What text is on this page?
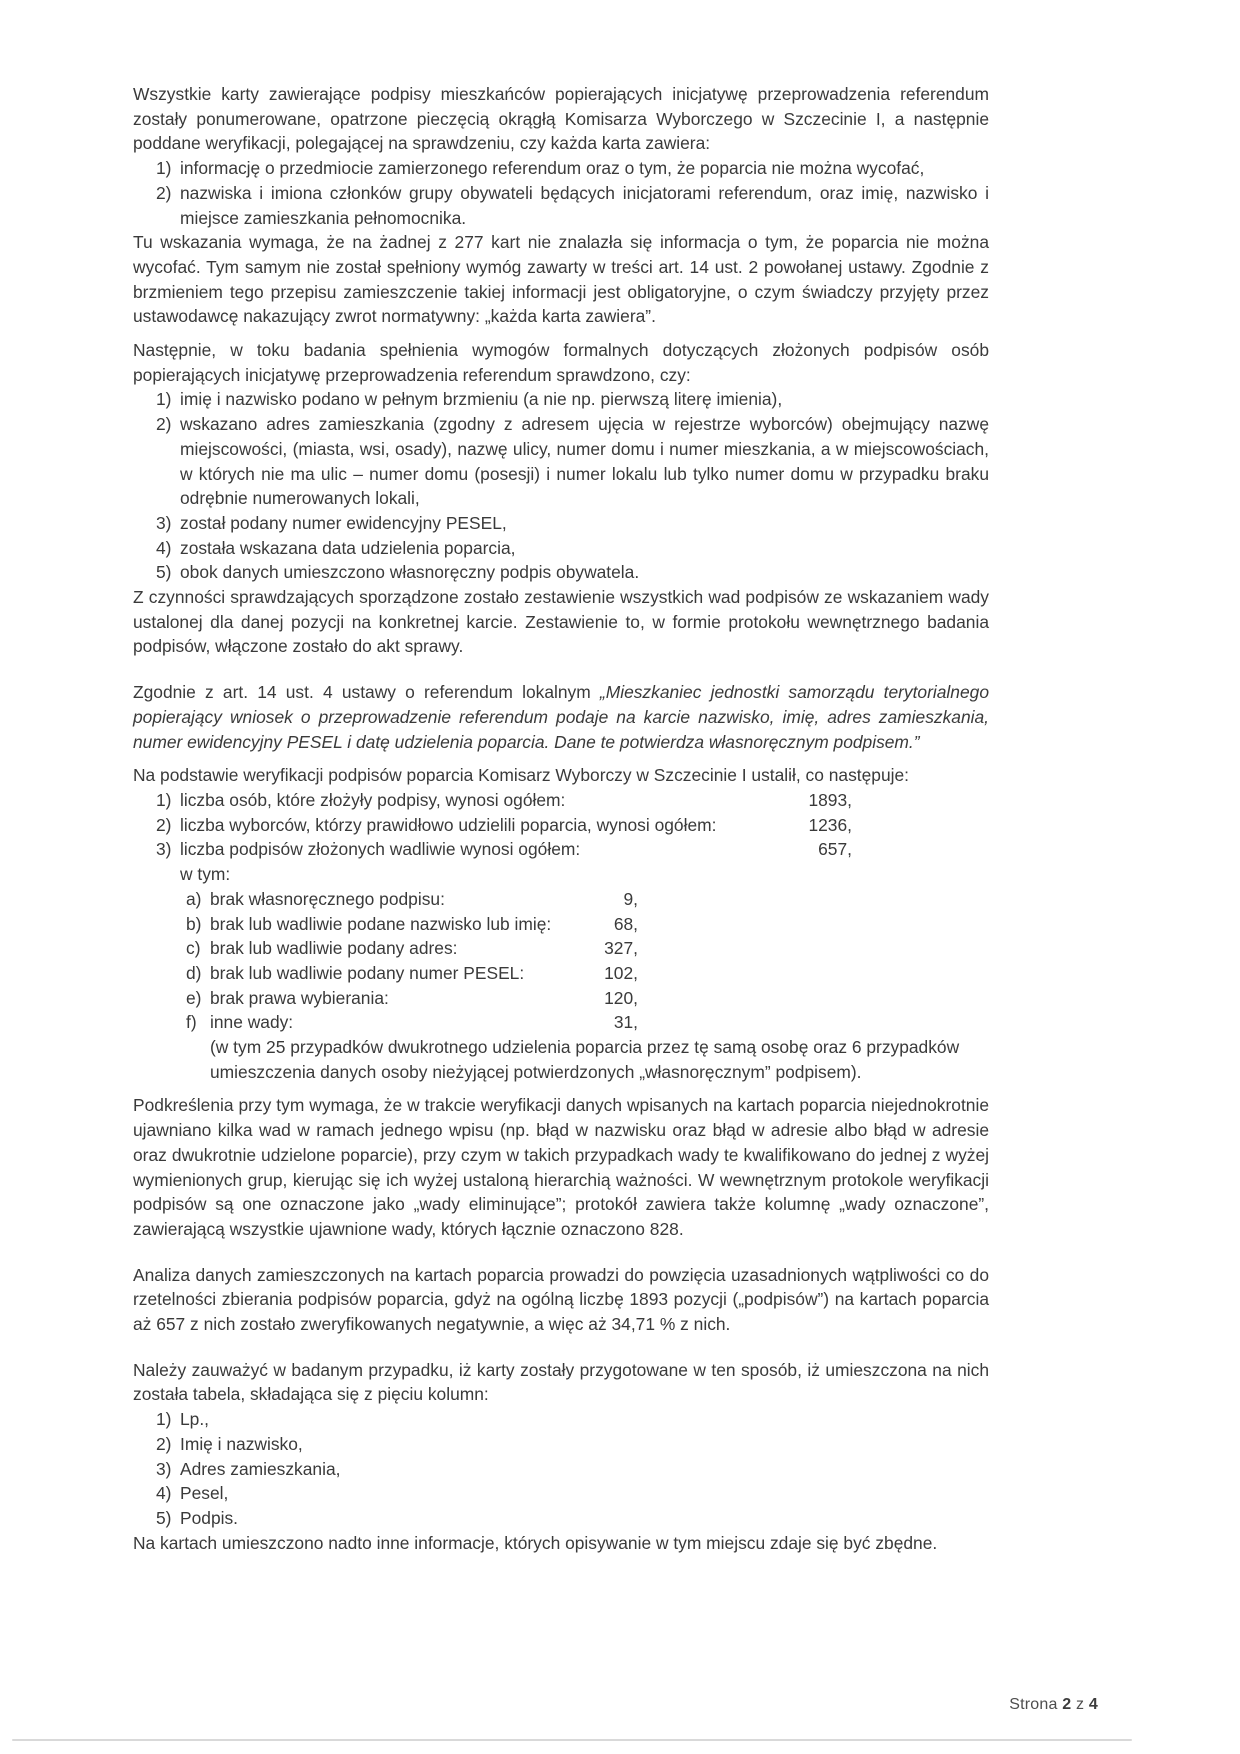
Wszystkie karty zawierające podpisy mieszkańców popierających inicjatywę przeprowadzenia referendum zostały ponumerowane, opatrzone pieczęcią okrągłą Komisarza Wyborczego w Szczecinie I, a następnie poddane weryfikacji, polegającej na sprawdzeniu, czy każda karta zawiera:

1) informację o przedmiocie zamierzonego referendum oraz o tym, że poparcia nie można wycofać,
2) nazwiska i imiona członków grupy obywateli będących inicjatorami referendum, oraz imię, nazwisko i miejsce zamieszkania pełnomocnika.

Tu wskazania wymaga, że na żadnej z 277 kart nie znalazła się informacja o tym, że poparcia nie można wycofać. Tym samym nie został spełniony wymóg zawarty w treści art. 14 ust. 2 powołanej ustawy. Zgodnie z brzmieniem tego przepisu zamieszczenie takiej informacji jest obligatoryjne, o czym świadczy przyjęty przez ustawodawcę nakazujący zwrot normatywny: „każda karta zawiera”.

Następnie, w toku badania spełnienia wymogów formalnych dotyczących złożonych podpisów osób popierających inicjatywę przeprowadzenia referendum sprawdzono, czy:

1) imię i nazwisko podano w pełnym brzmieniu (a nie np. pierwszą literę imienia),
2) wskazano adres zamieszkania (zgodny z adresem ujęcia w rejestrze wyborców) obejmujący nazwę miejscowości, (miasta, wsi, osady), nazwę ulicy, numer domu i numer mieszkania, a w miejscowościach, w których nie ma ulic – numer domu (posesji) i numer lokalu lub tylko numer domu w przypadku braku odrębnie numerowanych lokali,
3) został podany numer ewidencyjny PESEL,
4) została wskazana data udzielenia poparcia,
5) obok danych umieszczono własnoręczny podpis obywatela.

Z czynności sprawdzających sporządzone zostało zestawienie wszystkich wad podpisów ze wskazaniem wady ustalonej dla danej pozycji na konkretnej karcie. Zestawienie to, w formie protokołu wewnętrznego badania podpisów, włączone zostało do akt sprawy.

Zgodnie z art. 14 ust. 4 ustawy o referendum lokalnym „Mieszkaniec jednostki samorządu terytorialnego popierający wniosek o przeprowadzenie referendum podaje na karcie nazwisko, imię, adres zamieszkania, numer ewidencyjny PESEL i datę udzielenia poparcia. Dane te potwierdza własnoręcznym podpisem.”

Na podstawie weryfikacji podpisów poparcia Komisarz Wyborczy w Szczecinie I ustalił, co następuje:

1) liczba osób, które złożyły podpisy, wynosi ogółem:	1893,
2) liczba wyborców, którzy prawidłowo udzielili poparcia, wynosi ogółem:	1236,
3) liczba podpisów złożonych wadliwie wynosi ogółem:	657,
w tym:
a) brak własnoręcznego podpisu:	9,
b) brak lub wadliwie podane nazwisko lub imię:	68,
c) brak lub wadliwie podany adres:	327,
d) brak lub wadliwie podany numer PESEL:	102,
e) brak prawa wybierania:	120,
f) inne wady:	31,
(w tym 25 przypadków dwukrotnego udzielenia poparcia przez tę samą osobę oraz 6 przypadków umieszczenia danych osoby nieżyjącej potwierdzonych „własnoręcznym” podpisem).

Podkreślenia przy tym wymaga, że w trakcie weryfikacji danych wpisanych na kartach poparcia niejednokrotnie ujawniano kilka wad w ramach jednego wpisu (np. błąd w nazwisku oraz błąd w adresie albo błąd w adresie oraz dwukrotnie udzielone poparcie), przy czym w takich przypadkach wady te kwalifikowano do jednej z wyżej wymienionych grup, kierując się ich wyżej ustaloną hierarchią ważności. W wewnętrznym protokole weryfikacji podpisów są one oznaczone jako „wady eliminujące”; protokół zawiera także kolumnę „wady oznaczone”, zawierającą wszystkie ujawnione wady, których łącznie oznaczono 828.

Analiza danych zamieszczonych na kartach poparcia prowadzi do powzięcia uzasadnionych wątpliwości co do rzetelności zbierania podpisów poparcia, gdyż na ogólną liczbę 1893 pozycji („podpisów”) na kartach poparcia aż 657 z nich zostało zweryfikowanych negatywnie, a więc aż 34,71 % z nich.

Należy zauważyć w badanym przypadku, iż karty zostały przygotowane w ten sposób, iż umieszczona na nich została tabela, składająca się z pięciu kolumn:

1) Lp.,
2) Imię i nazwisko,
3) Adres zamieszkania,
4) Pesel,
5) Podpis.

Na kartach umieszczono nadto inne informacje, których opisywanie w tym miejscu zdaje się być zbędne.

Strona 2 z 4
